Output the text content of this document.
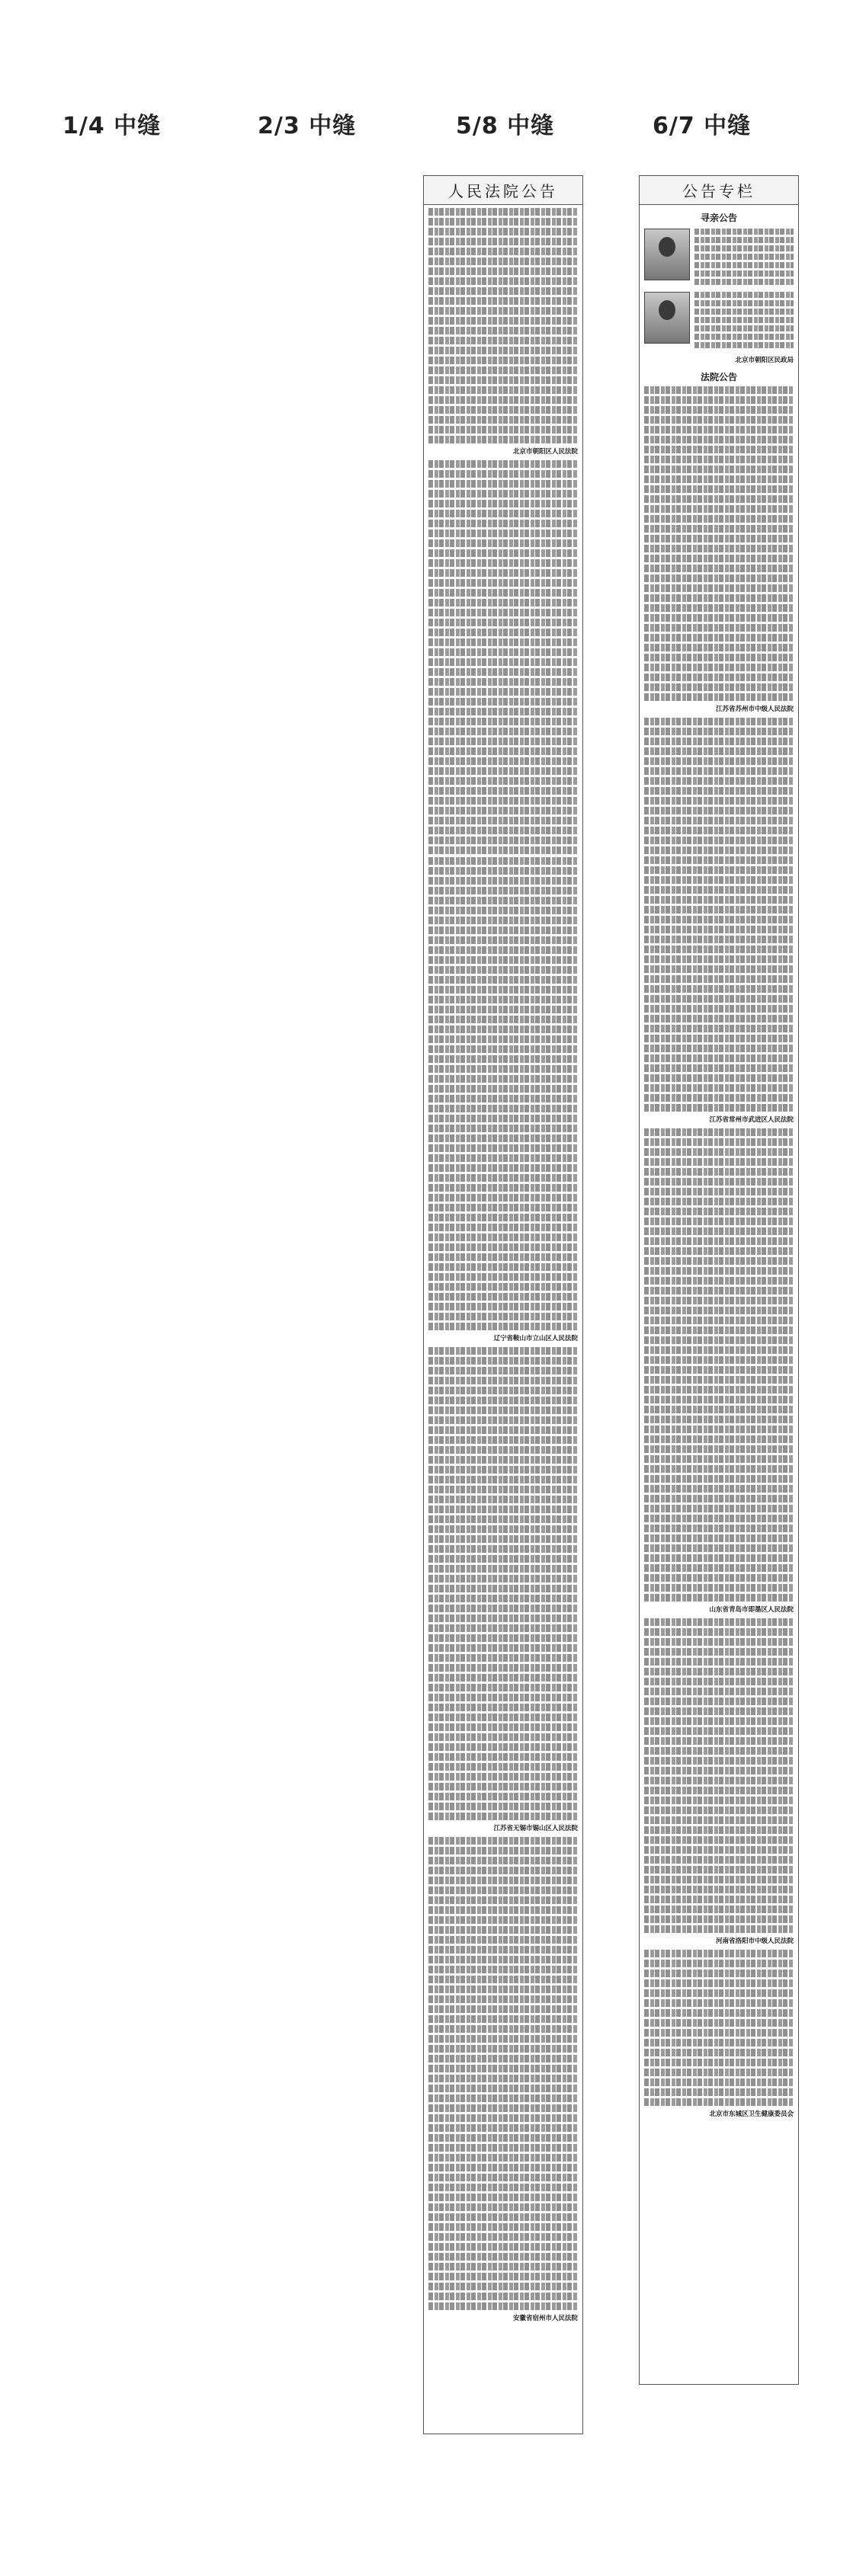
1/4 中缝	2/3 中缝	5/8 中缝	6/7 中缝
人民法院公告
北京市朝阳区人民法院
辽宁省鞍山市立山区人民法院
江苏省无锡市锡山区人民法院
安徽省宿州市人民法院
公告专栏
寻亲公告
北京市朝阳区民政局
法院公告
江苏省苏州市中级人民法院
江苏省常州市武进区人民法院
山东省青岛市即墨区人民法院
河南省洛阳市中级人民法院
北京市东城区卫生健康委员会
